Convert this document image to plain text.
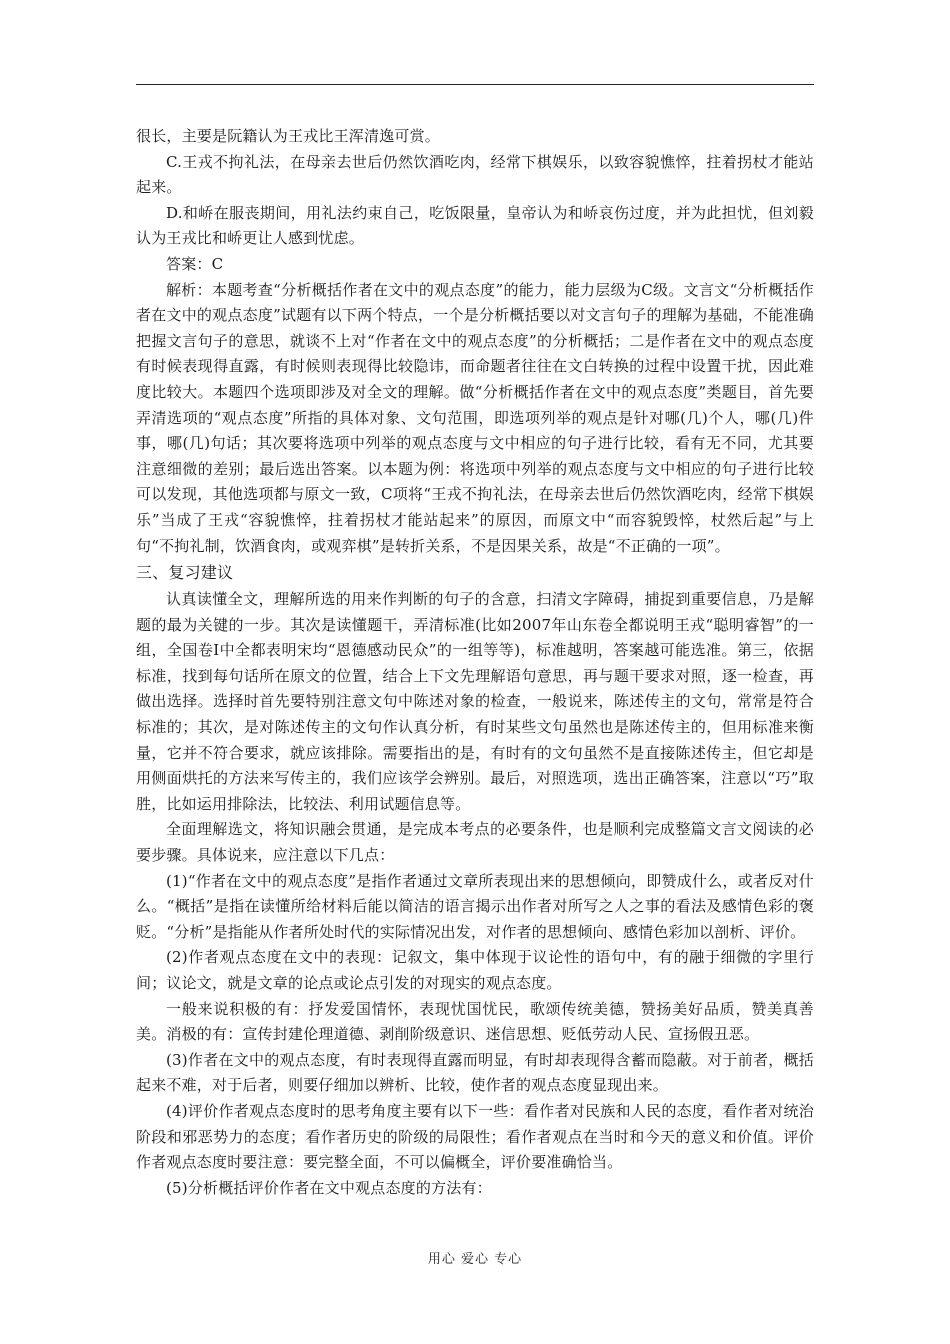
很长，主要是阮籍认为王戎比王浑清逸可赏。

C.王戎不拘礼法，在母亲去世后仍然饮酒吃肉，经常下棋娱乐，以致容貌憔悴，拄着拐杖才能站起来。

D.和峤在服丧期间，用礼法约束自己，吃饭限量，皇帝认为和峤哀伤过度，并为此担忧，但刘毅认为王戎比和峤更让人感到忧虑。

答案：C

解析：本题考查“分析概括作者在文中的观点态度”的能力，能力层级为C级。文言文“分析概括作者在文中的观点态度”试题有以下两个特点，一个是分析概括要以对文言句子的理解为基础，不能准确把握文言句子的意思，就谈不上对“作者在文中的观点态度”的分析概括；二是作者在文中的观点态度有时候表现得直露，有时候则表现得比较隐讳，而命题者往往在文白转换的过程中设置干扰，因此难度比较大。本题四个选项即涉及对全文的理解。做“分析概括作者在文中的观点态度”类题目，首先要弄清选项的“观点态度”所指的具体对象、文句范围，即选项列举的观点是针对哪(几)个人，哪(几)件事，哪(几)句话；其次要将选项中列举的观点态度与文中相应的句子进行比较，看有无不同，尤其要注意细微的差别；最后选出答案。以本题为例：将选项中列举的观点态度与文中相应的句子进行比较可以发现，其他选项都与原文一致，C项将“王戎不拘礼法，在母亲去世后仍然饮酒吃肉，经常下棋娱乐”当成了王戎“容貌憔悴，拄着拐杖才能站起来”的原因，而原文中“而容貌毁悴，杖然后起”与上句“不拘礼制，饮酒食肉，或观弈棋”是转折关系，不是因果关系，故是“不正确的一项”。

三、复习建议

认真读懂全文，理解所选的用来作判断的句子的含意，扫清文字障碍，捕捉到重要信息，乃是解题的最为关键的一步。其次是读懂题干，弄清标准(比如2007年山东卷全都说明王戎“聪明睿智”的一组，全国卷Ⅰ中全都表明宋均“恩德感动民众”的一组等等)，标准越明，答案越可能选准。第三，依据标准，找到每句话所在原文的位置，结合上下文先理解语句意思，再与题干要求对照，逐一检查，再做出选择。选择时首先要特别注意文句中陈述对象的检查，一般说来，陈述传主的文句，常常是符合标准的；其次，是对陈述传主的文句作认真分析，有时某些文句虽然也是陈述传主的，但用标准来衡量，它并不符合要求，就应该排除。需要指出的是，有时有的文句虽然不是直接陈述传主，但它却是用侧面烘托的方法来写传主的，我们应该学会辨别。最后，对照选项，选出正确答案，注意以“巧”取胜，比如运用排除法，比较法、利用试题信息等。

全面理解选文，将知识融会贯通，是完成本考点的必要条件，也是顺利完成整篇文言文阅读的必要步骤。具体说来，应注意以下几点：

(1)“作者在文中的观点态度”是指作者通过文章所表现出来的思想倾向，即赞成什么，或者反对什么。“概括”是指在读懂所给材料后能以简洁的语言揭示出作者对所写之人之事的看法及感情色彩的褒贬。“分析”是指能从作者所处时代的实际情况出发，对作者的思想倾向、感情色彩加以剖析、评价。

(2)作者观点态度在文中的表现：记叙文，集中体现于议论性的语句中，有的融于细微的字里行间；议论文，就是文章的论点或论点引发的对现实的观点态度。

一般来说积极的有：抒发爱国情怀，表现忧国忧民，歌颂传统美德，赞扬美好品质，赞美真善美。消极的有：宣传封建伦理道德、剥削阶级意识、迷信思想、贬低劳动人民、宣扬假丑恶。

(3)作者在文中的观点态度，有时表现得直露而明显，有时却表现得含蓄而隐蔽。对于前者，概括起来不难，对于后者，则要仔细加以辨析、比较，使作者的观点态度显现出来。

(4)评价作者观点态度时的思考角度主要有以下一些：看作者对民族和人民的态度，看作者对统治阶段和邪恶势力的态度；看作者历史的阶级的局限性；看作者观点在当时和今天的意义和价值。评价作者观点态度时要注意：要完整全面，不可以偏概全，评价要准确恰当。

(5)分析概括评价作者在文中观点态度的方法有：

用心 爱心 专心
